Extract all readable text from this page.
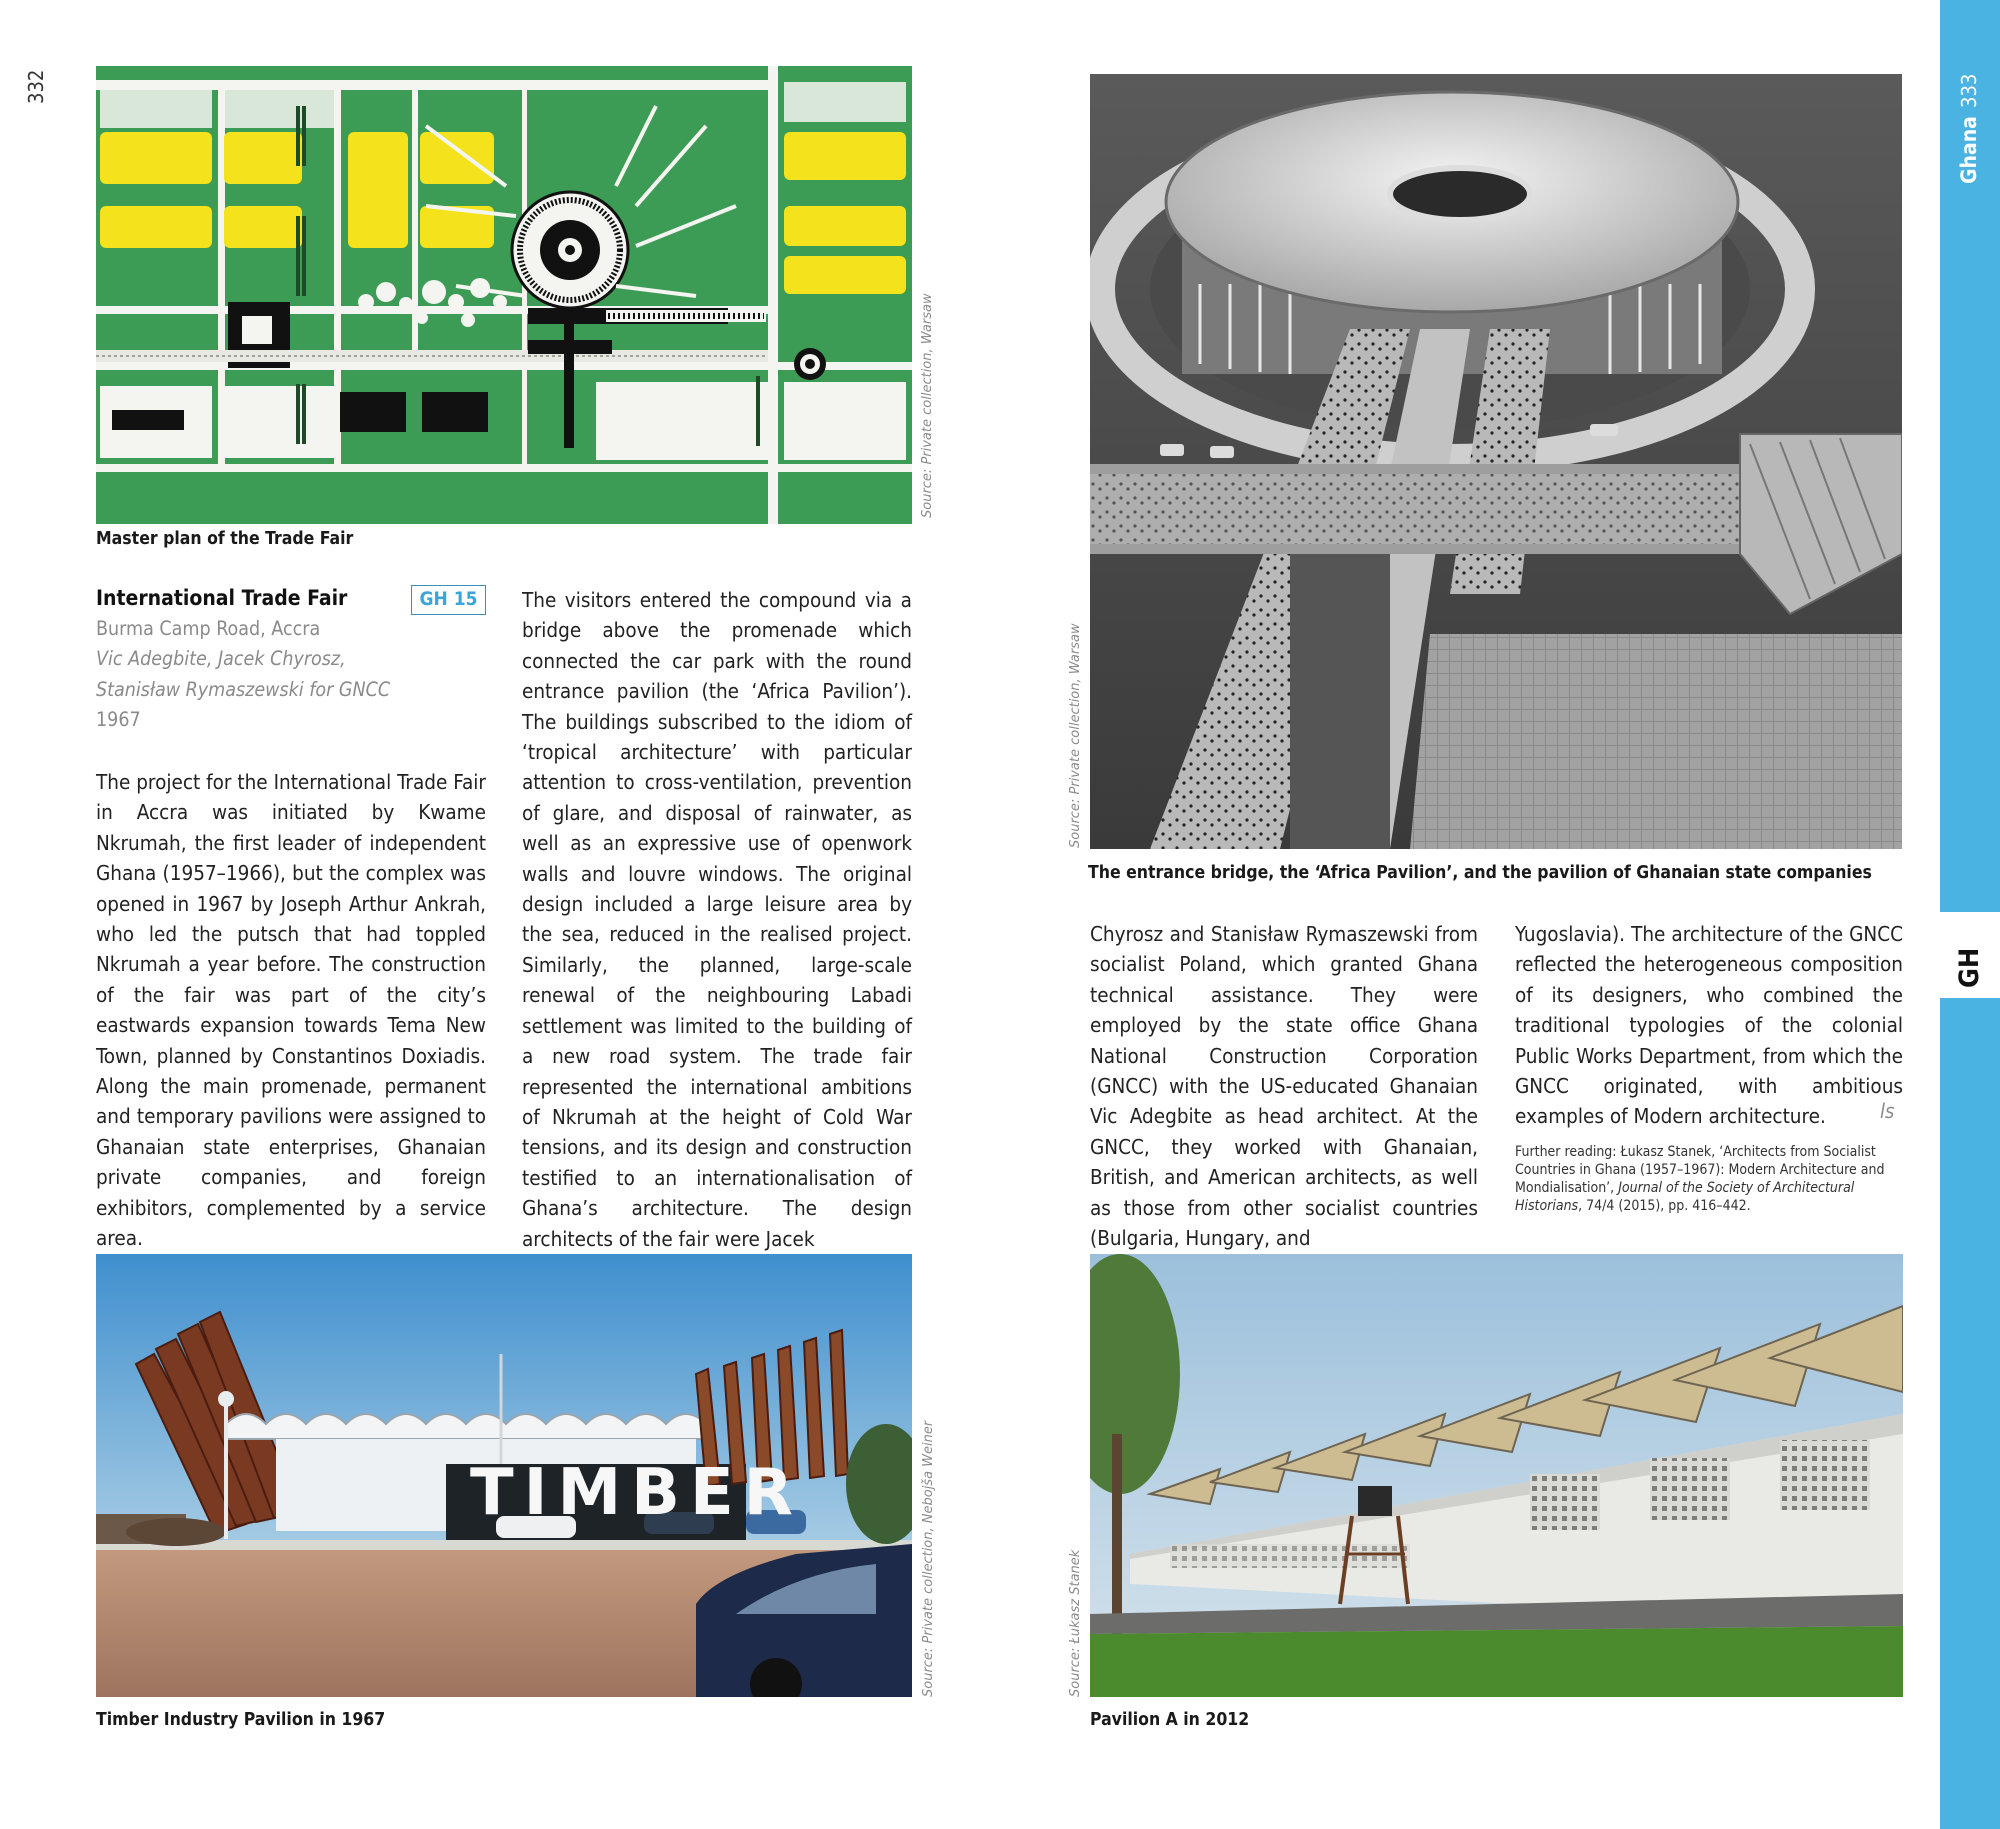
332
Source: Private collection, Warsaw
Master plan of the Trade Fair
International Trade Fair	GH 15
Burma Camp Road, Accra
Vic Adegbite, Jacek Chyrosz,
Stanisław Rymaszewski for GNCC
1967

The project for the International Trade Fair in Accra was initiated by Kwame Nkrumah, the first leader of independent Ghana (1957–1966), but the complex was opened in 1967 by Joseph Arthur Ankrah, who led the putsch that had toppled Nkrumah a year before. The construction of the fair was part of the city’s eastwards expansion towards Tema New Town, planned by Constantinos Doxiadis. Along the main promenade, permanent and temporary pavilions were assigned to Ghanaian state enterprises, Ghanaian private companies, and foreign exhibitors, complemented by a service area.

The visitors entered the compound via a bridge above the promenade which connected the car park with the round entrance pavilion (the ‘Africa Pavilion’). The buildings subscribed to the idiom of ‘tropical architecture’ with particular attention to cross-ventilation, prevention of glare, and disposal of rainwater, as well as an expressive use of openwork walls and louvre windows. The original design included a large leisure area by the sea, reduced in the realised project. Similarly, the planned, large-scale renewal of the neighbouring Labadi settlement was limited to the building of a new road system. The trade fair represented the international ambitions of Nkrumah at the height of Cold War tensions, and its design and construction testified to an internationalisation of Ghana’s architecture. The design architects of the fair were Jacek

TIMBER	Source: Private collection, Nebojša Weiner
Timber Industry Pavilion in 1967
Ghana
333
GH
Source: Private collection, Warsaw
The entrance bridge, the ‘Africa Pavilion’, and the pavilion of Ghanaian state companies

Chyrosz and Stanisław Rymaszewski from socialist Poland, which granted Ghana technical assistance. They were employed by the state office Ghana National Construction Corporation (GNCC) with the US-educated Ghanaian Vic Adegbite as head architect. At the GNCC, they worked with Ghanaian, British, and American architects, as well as those from other socialist countries (Bulgaria, Hungary, and

Yugoslavia). The architecture of the GNCC reflected the heterogeneous composition of its designers, who combined the traditional typologies of the colonial Public Works Department, from which the GNCC originated, with ambitious examples of Modern architecture.	ls
Further reading: Łukasz Stanek, ‘Architects from Socialist Countries in Ghana (1957–1967): Modern Architecture and Mondialisation’, Journal of the Society of Architectural Historians, 74/4 (2015), pp. 416–442.
Source: Łukasz Stanek
Pavilion A in 2012
